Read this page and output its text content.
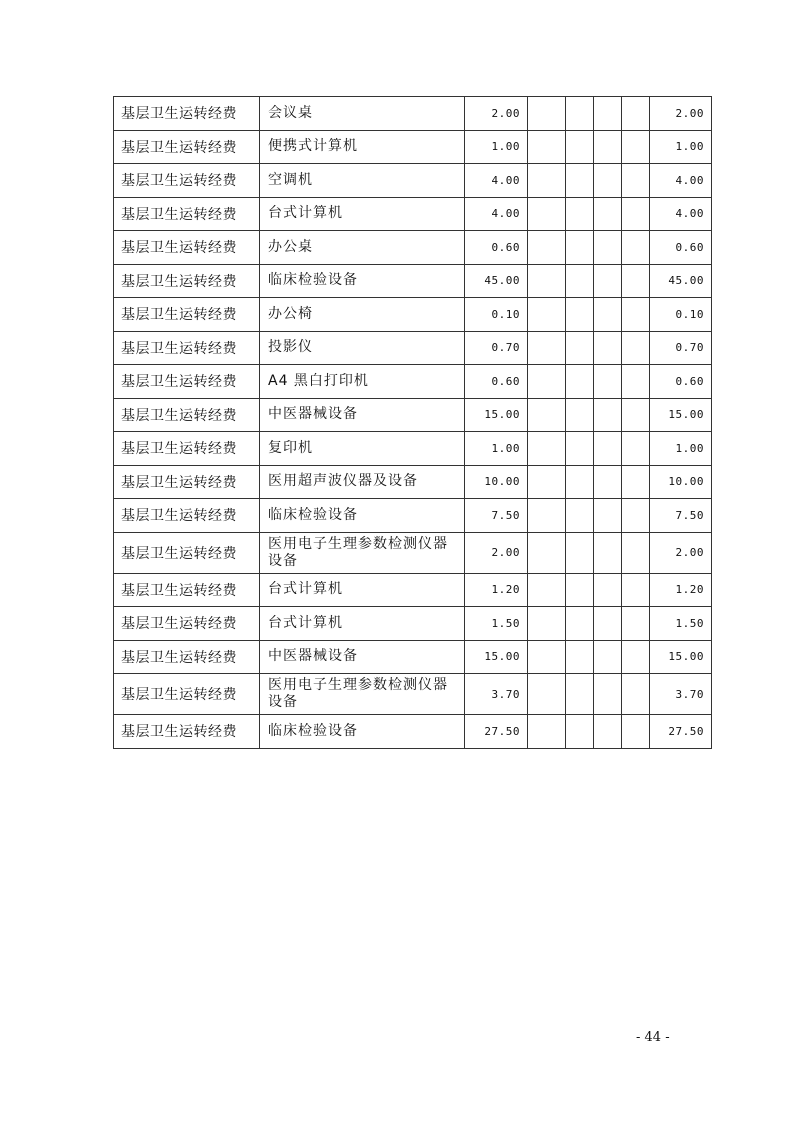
基层卫生运转经费	会议桌	2.00					2.00
基层卫生运转经费	便携式计算机	1.00					1.00
基层卫生运转经费	空调机	4.00					4.00
基层卫生运转经费	台式计算机	4.00					4.00
基层卫生运转经费	办公桌	0.60					0.60
基层卫生运转经费	临床检验设备	45.00					45.00
基层卫生运转经费	办公椅	0.10					0.10
基层卫生运转经费	投影仪	0.70					0.70
基层卫生运转经费	A4 黑白打印机	0.60					0.60
基层卫生运转经费	中医器械设备	15.00					15.00
基层卫生运转经费	复印机	1.00					1.00
基层卫生运转经费	医用超声波仪器及设备	10.00					10.00
基层卫生运转经费	临床检验设备	7.50					7.50
基层卫生运转经费	医用电子生理参数检测仪器设备	2.00					2.00
基层卫生运转经费	台式计算机	1.20					1.20
基层卫生运转经费	台式计算机	1.50					1.50
基层卫生运转经费	中医器械设备	15.00					15.00
基层卫生运转经费	医用电子生理参数检测仪器设备	3.70					3.70
基层卫生运转经费	临床检验设备	27.50					27.50
- 44 -
